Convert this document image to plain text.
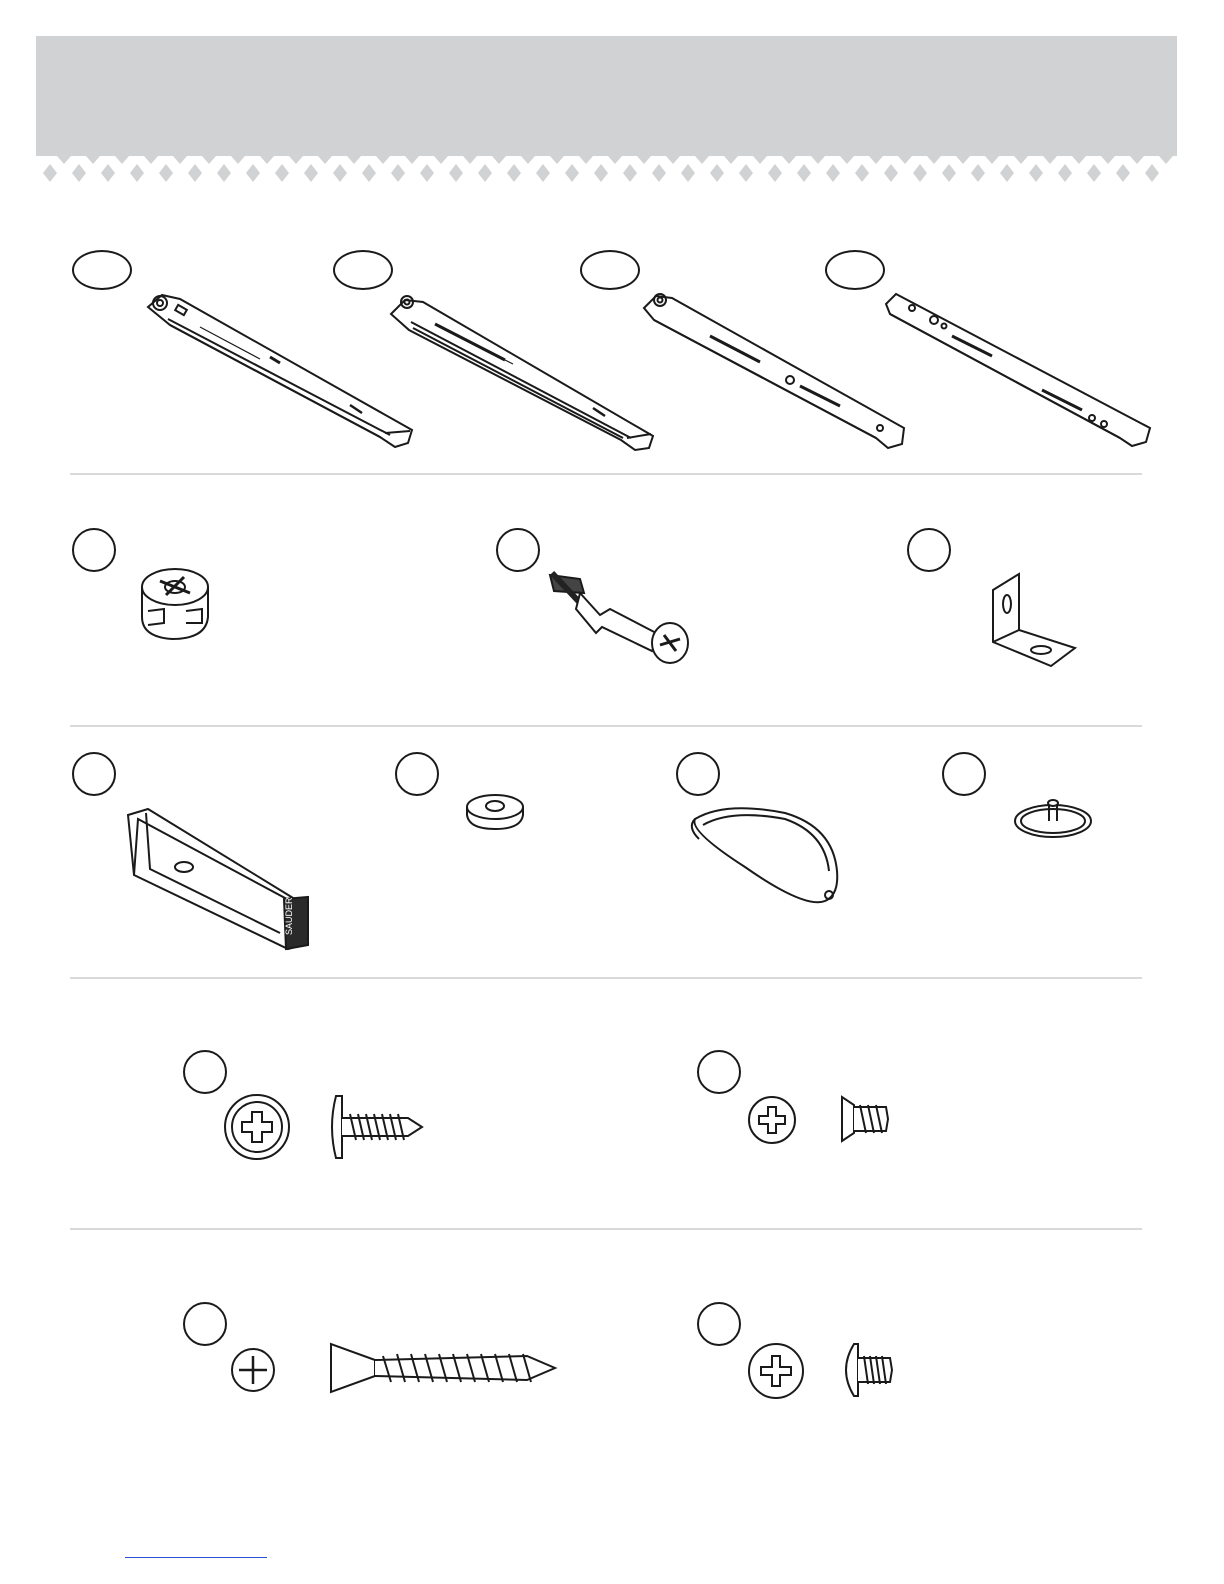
SAUDER
